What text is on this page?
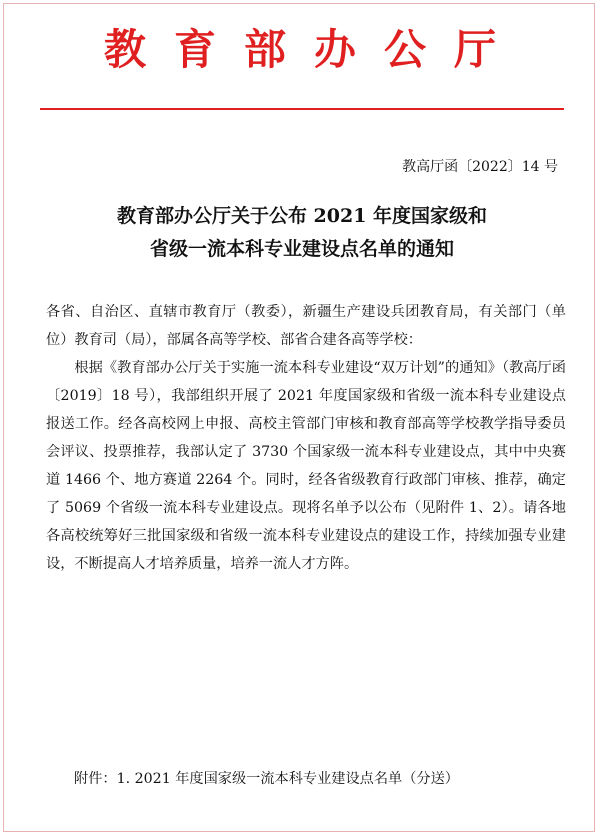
教育部办公厅
教高厅函〔2022〕14 号
教育部办公厅关于公布 2021 年度国家级和
省级一流本科专业建设点名单的通知

各省、自治区、直辖市教育厅（教委），新疆生产建设兵团教育局，有关部门（单位）教育司（局），部属各高等学校、部省合建各高等学校：

根据《教育部办公厅关于实施一流本科专业建设“双万计划”的通知》（教高厅函〔2019〕18 号），我部组织开展了 2021 年度国家级和省级一流本科专业建设点报送工作。经各高校网上申报、高校主管部门审核和教育部高等学校教学指导委员会评议、投票推荐，我部认定了 3730 个国家级一流本科专业建设点，其中中央赛道 1466 个、地方赛道 2264 个。同时，经各省级教育行政部门审核、推荐，确定了 5069 个省级一流本科专业建设点。现将名单予以公布（见附件 1、2）。请各地各高校统筹好三批国家级和省级一流本科专业建设点的建设工作，持续加强专业建设，不断提高人才培养质量，培养一流人才方阵。

附件：1. 2021 年度国家级一流本科专业建设点名单（分送）
